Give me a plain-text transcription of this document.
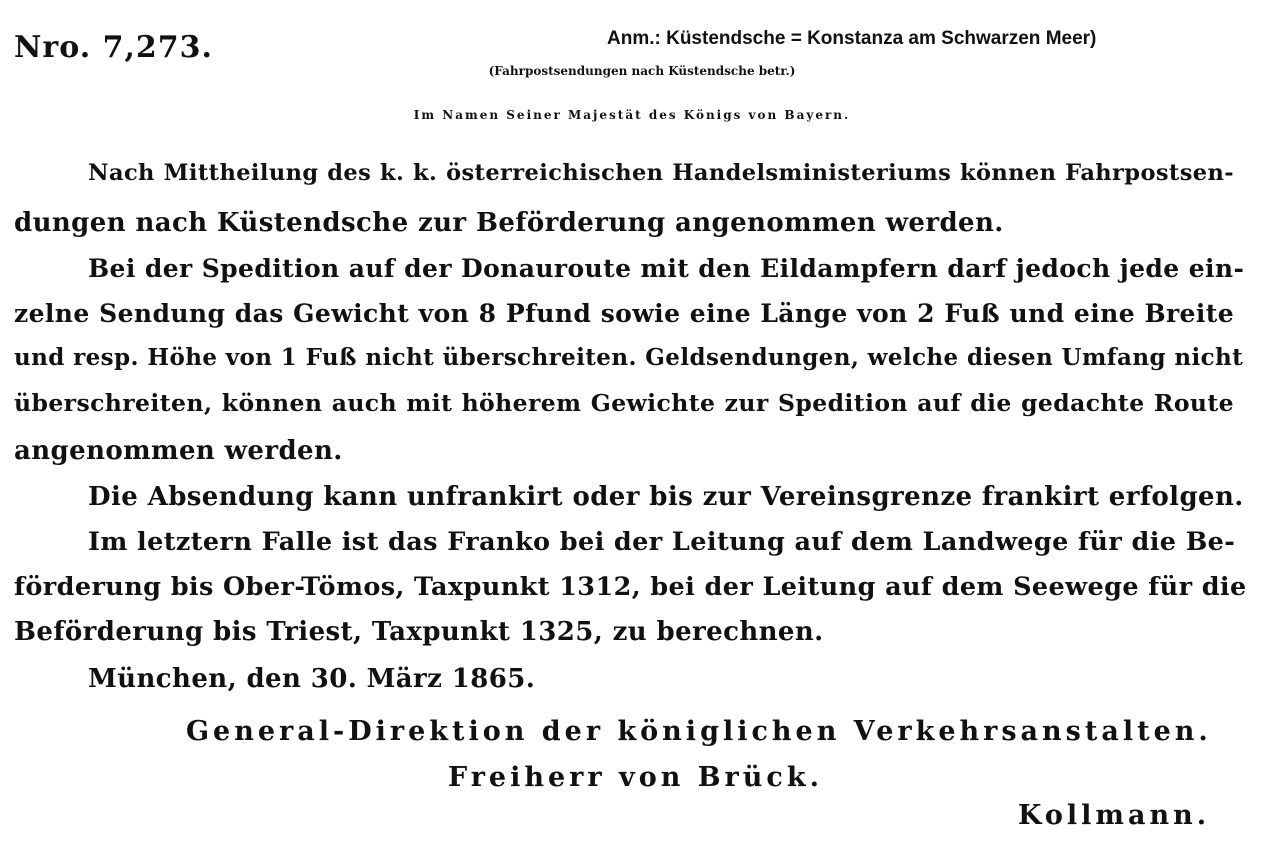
Nro. 7,273.	Anm.: Küstendsche = Konstanza am Schwarzen Meer)
(Fahrpostsendungen nach Küstendsche betr.)
Im Namen Seiner Majestät des Königs von Bayern.
Nach Mittheilung des k. k. österreichischen Handelsministeriums können Fahrpostsen-
dungen nach Küstendsche zur Beförderung angenommen werden.
Bei der Spedition auf der Donauroute mit den Eildampfern darf jedoch jede ein-
zelne Sendung das Gewicht von 8 Pfund sowie eine Länge von 2 Fuß und eine Breite
und resp. Höhe von 1 Fuß nicht überschreiten. Geldsendungen, welche diesen Umfang nicht
überschreiten, können auch mit höherem Gewichte zur Spedition auf die gedachte Route
angenommen werden.
Die Absendung kann unfrankirt oder bis zur Vereinsgrenze frankirt erfolgen.
Im letztern Falle ist das Franko bei der Leitung auf dem Landwege für die Be-
förderung bis Ober-Tömos, Taxpunkt 1312, bei der Leitung auf dem Seewege für die
Beförderung bis Triest, Taxpunkt 1325, zu berechnen.
München, den 30. März 1865.
General-Direktion der königlichen Verkehrsanstalten.
Freiherr von Brück.
Kollmann.
